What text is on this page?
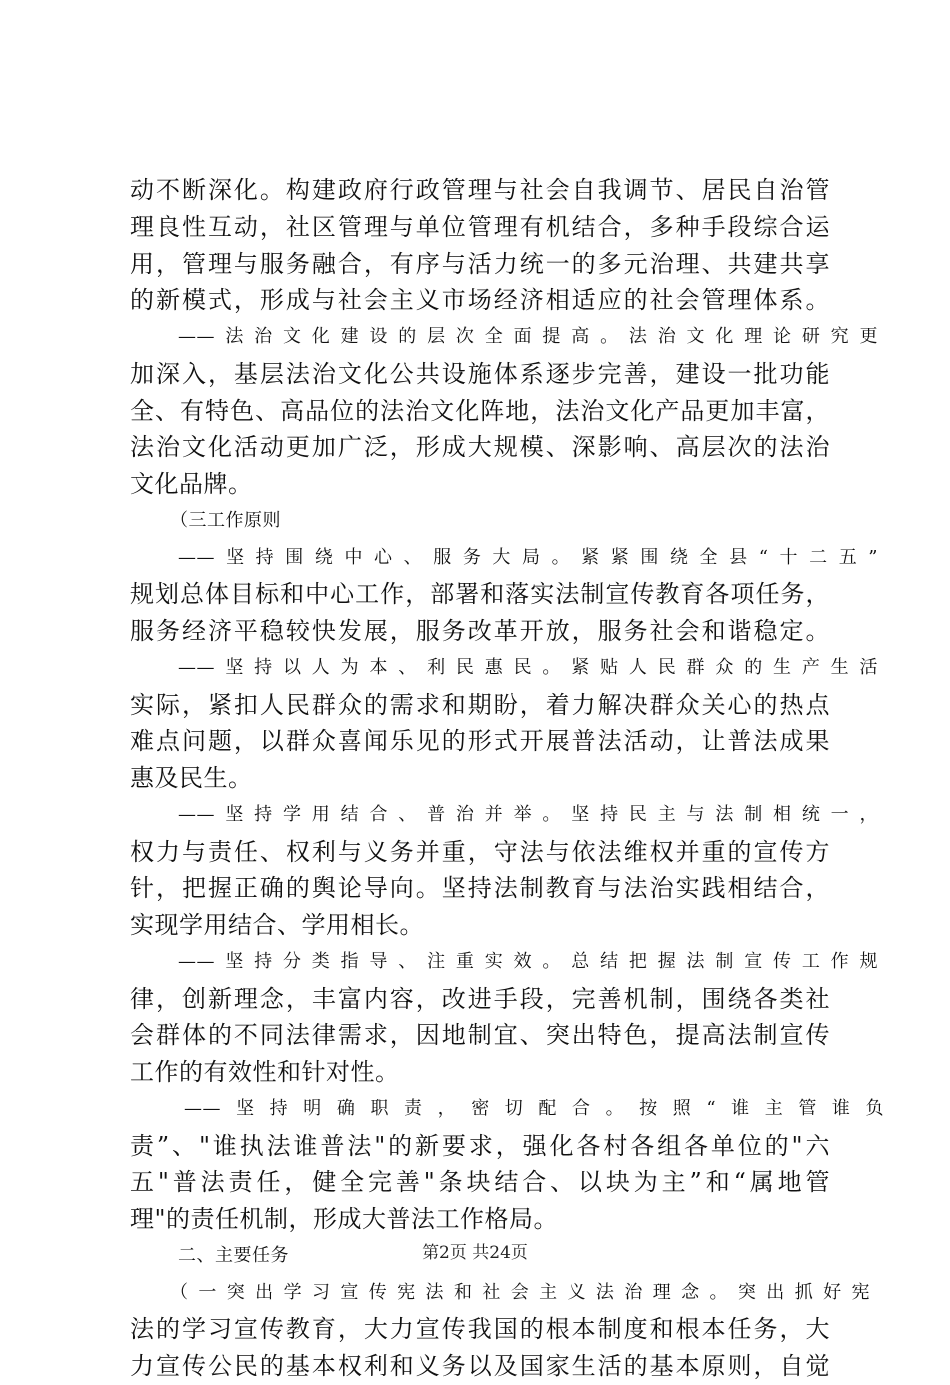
动不断深化。构建政府行政管理与社会自我调节、居民自治管
理良性互动，社区管理与单位管理有机结合，多种手段综合运
用，管理与服务融合，有序与活力统一的多元治理、共建共享
的新模式，形成与社会主义市场经济相适应的社会管理体系。
——法治文化建设的层次全面提高。法治文化理论研究更
加深入，基层法治文化公共设施体系逐步完善，建设一批功能
全、有特色、高品位的法治文化阵地，法治文化产品更加丰富，
法治文化活动更加广泛，形成大规模、深影响、高层次的法治
文化品牌。
（三工作原则
——坚持围绕中心、服务大局。紧紧围绕全县“十二五”
规划总体目标和中心工作，部署和落实法制宣传教育各项任务，
服务经济平稳较快发展，服务改革开放，服务社会和谐稳定。
——坚持以人为本、利民惠民。紧贴人民群众的生产生活
实际，紧扣人民群众的需求和期盼，着力解决群众关心的热点
难点问题，以群众喜闻乐见的形式开展普法活动，让普法成果
惠及民生。
——坚持学用结合、普治并举。坚持民主与法制相统一，
权力与责任、权利与义务并重，守法与依法维权并重的宣传方
针，把握正确的舆论导向。坚持法制教育与法治实践相结合，
实现学用结合、学用相长。
——坚持分类指导、注重实效。总结把握法制宣传工作规
律，创新理念，丰富内容，改进手段，完善机制，围绕各类社
会群体的不同法律需求，因地制宜、突出特色，提高法制宣传
工作的有效性和针对性。
——坚持明确职责，密切配合。按照“谁主管谁负
责”、"谁执法谁普法"的新要求，强化各村各组各单位的"六
五"普法责任，健全完善"条块结合、以块为主”和“属地管
理"的责任机制，形成大普法工作格局。
二、主要任务
（一突出学习宣传宪法和社会主义法治理念。突出抓好宪
法的学习宣传教育，大力宣传我国的根本制度和根本任务，大
力宣传公民的基本权利和义务以及国家生活的基本原则，自觉
第2页 共24页
